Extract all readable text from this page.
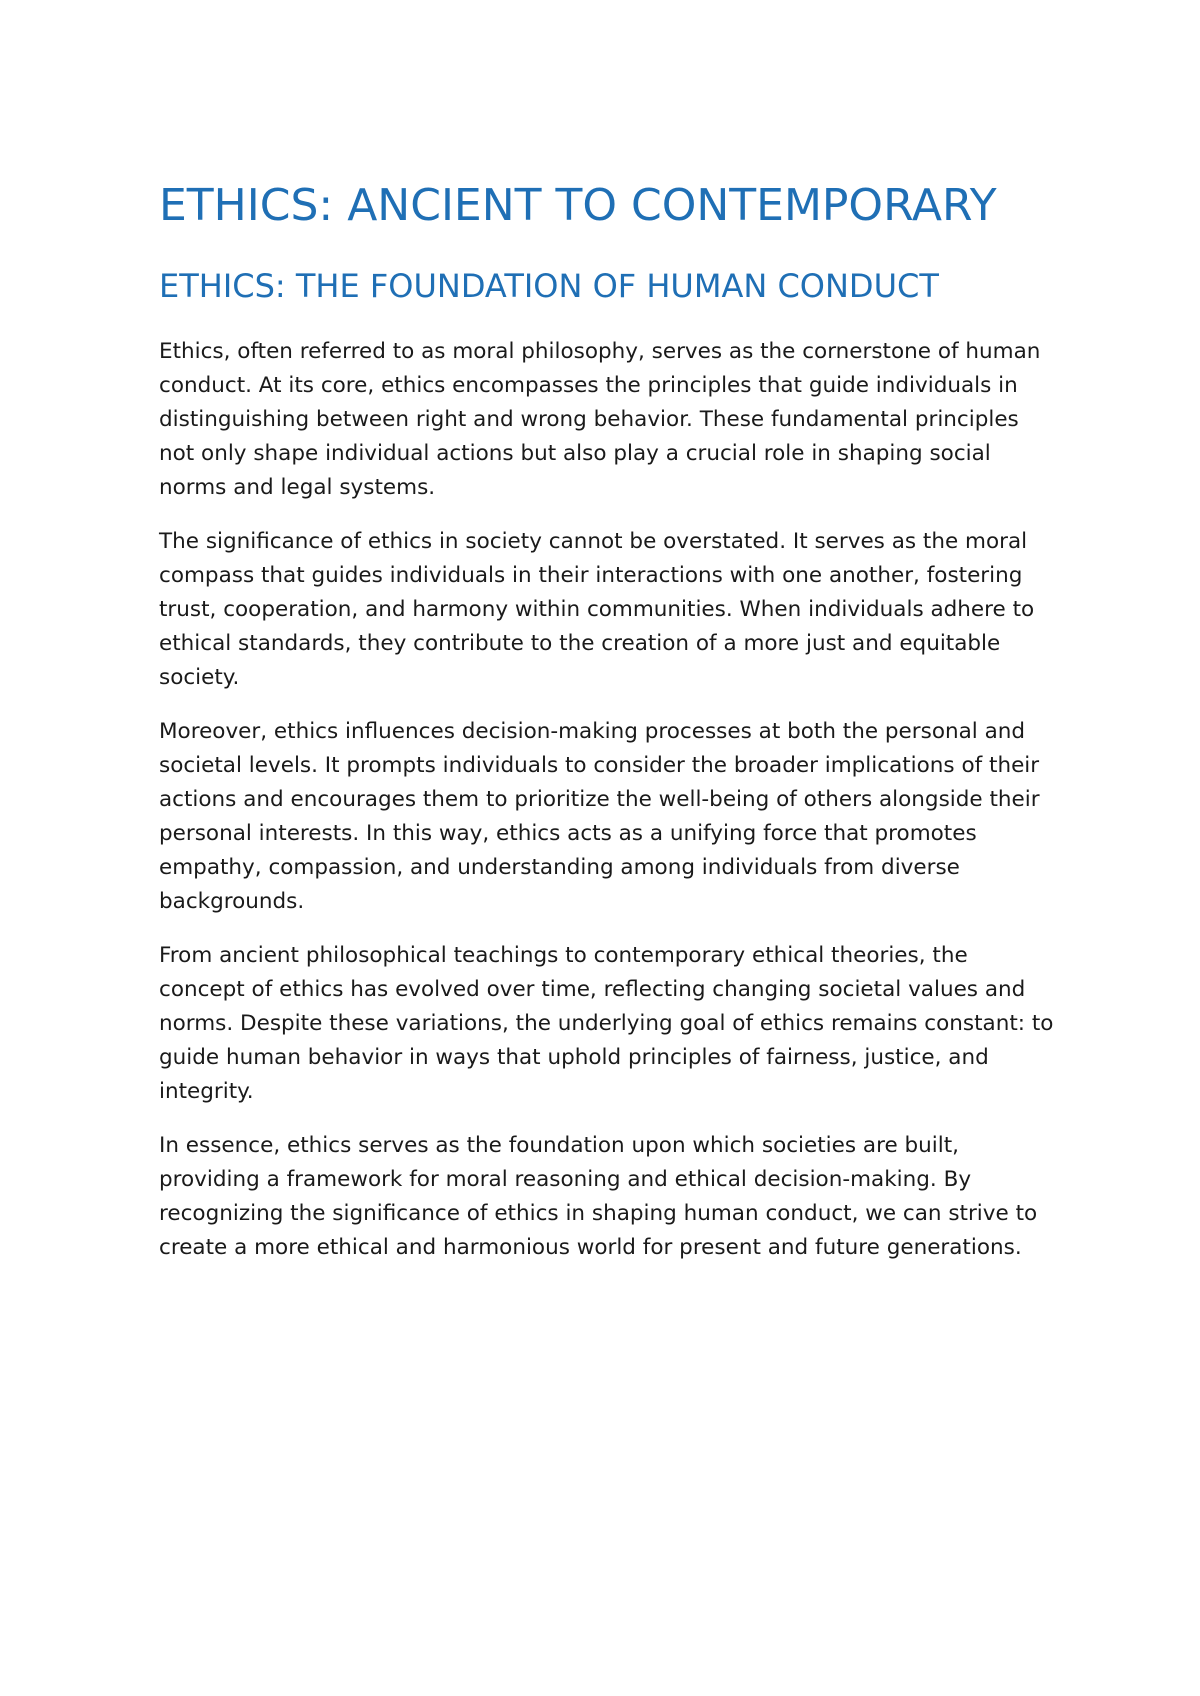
ETHICS: ANCIENT TO CONTEMPORARY
ETHICS: THE FOUNDATION OF HUMAN CONDUCT

Ethics, often referred to as moral philosophy, serves as the cornerstone of human conduct. At its core, ethics encompasses the principles that guide individuals in distinguishing between right and wrong behavior. These fundamental principles not only shape individual actions but also play a crucial role in shaping social norms and legal systems.

The significance of ethics in society cannot be overstated. It serves as the moral compass that guides individuals in their interactions with one another, fostering trust, cooperation, and harmony within communities. When individuals adhere to ethical standards, they contribute to the creation of a more just and equitable society.

Moreover, ethics influences decision-making processes at both the personal and societal levels. It prompts individuals to consider the broader implications of their actions and encourages them to prioritize the well-being of others alongside their personal interests. In this way, ethics acts as a unifying force that promotes empathy, compassion, and understanding among individuals from diverse backgrounds.

From ancient philosophical teachings to contemporary ethical theories, the concept of ethics has evolved over time, reflecting changing societal values and norms. Despite these variations, the underlying goal of ethics remains constant: to guide human behavior in ways that uphold principles of fairness, justice, and integrity.

In essence, ethics serves as the foundation upon which societies are built, providing a framework for moral reasoning and ethical decision-making. By recognizing the significance of ethics in shaping human conduct, we can strive to create a more ethical and harmonious world for present and future generations.
